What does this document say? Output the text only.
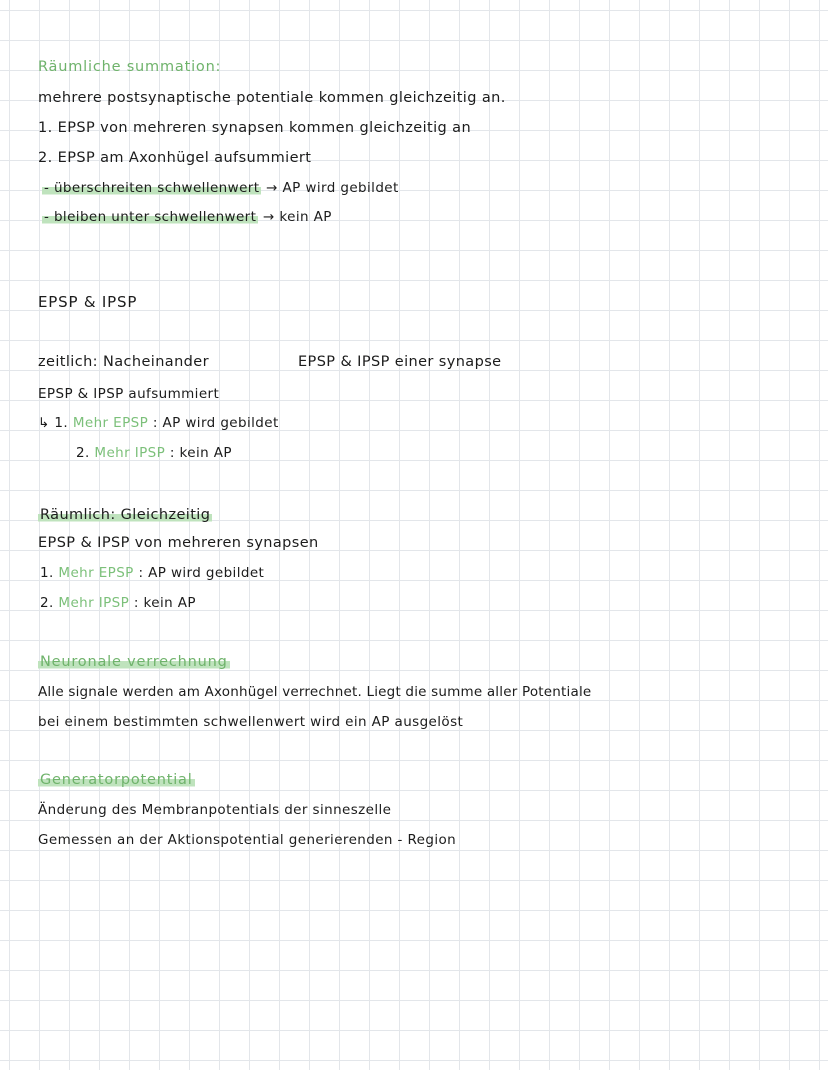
Räumliche summation:
mehrere postsynaptische potentiale kommen gleichzeitig an.
1. EPSP von mehreren synapsen kommen gleichzeitig an
2. EPSP am Axonhügel aufsummiert
- überschreiten schwellenwert → AP wird gebildet
- bleiben unter schwellenwert → kein AP
EPSP & IPSP
zeitlich: Nacheinander	EPSP & IPSP einer synapse
EPSP & IPSP aufsummiert
↳ 1. Mehr EPSP : AP wird gebildet
2. Mehr IPSP : kein AP
Räumlich: Gleichzeitig
EPSP & IPSP von mehreren synapsen
1. Mehr EPSP : AP wird gebildet
2. Mehr IPSP : kein AP
Neuronale verrechnung
Alle signale werden am Axonhügel verrechnet. Liegt die summe aller Potentiale
bei einem bestimmten schwellenwert wird ein AP ausgelöst
Generatorpotential
Änderung des Membranpotentials der sinneszelle
Gemessen an der Aktionspotential generierenden - Region
